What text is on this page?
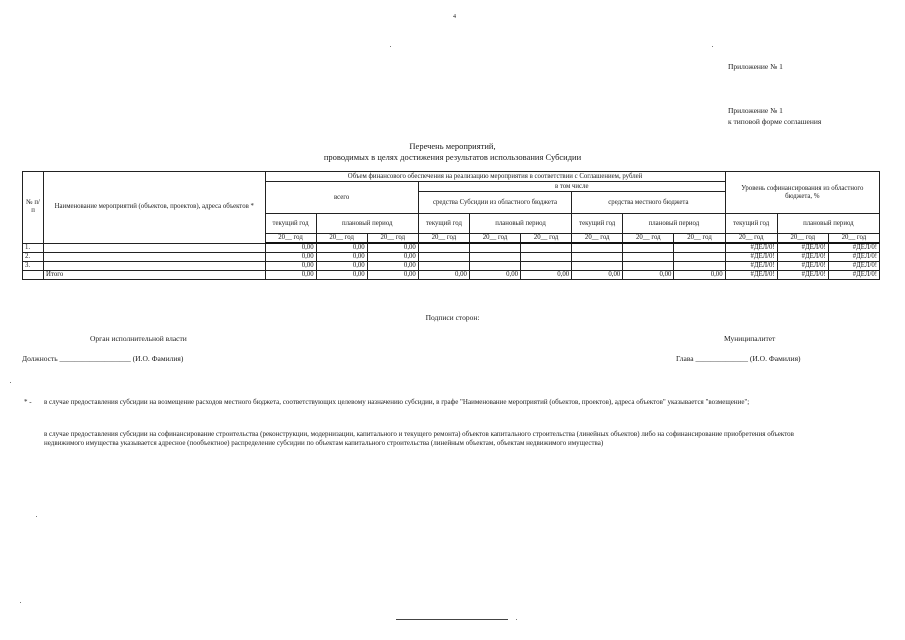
4
Приложение № 1
Приложение № 1
к типовой форме соглашения
Перечень мероприятий,
проводимых в целях достижения результатов использования Субсидии
№ п/п	Наименование мероприятий (объектов, проектов), адреса объектов *	Объем финансового обеспечения на реализацию мероприятия в соответствии с Соглашением, рублей									Уровень софинансирования из областного бюджета, %		
		всего			в том числе								
					средства Субсидии из областного бюджета			средства местного бюджета					
		текущий год	плановый период		текущий год	плановый период		текущий год	плановый период		текущий год	плановый период	
		20__ год	20__ год	20__ год	20__ год	20__ год	20__ год	20__ год	20__ год	20__ год	20__ год	20__ год	20__ год
1.		0,00	0,00	0,00							#ДЕЛ/0!	#ДЕЛ/0!	#ДЕЛ/0!
2.		0,00	0,00	0,00							#ДЕЛ/0!	#ДЕЛ/0!	#ДЕЛ/0!
3.		0,00	0,00	0,00							#ДЕЛ/0!	#ДЕЛ/0!	#ДЕЛ/0!
	Итого	0,00	0,00	0,00	0,00	0,00	0,00	0,00	0,00	0,00	#ДЕЛ/0!	#ДЕЛ/0!	#ДЕЛ/0!
Подписи сторон:
Орган исполнительной власти	Муниципалитет
Должность ___________________ (И.О. Фамилия)	Глава ______________ (И.О. Фамилия)
* - в случае предоставления субсидии на возмещение расходов местного бюджета, соответствующих целевому назначению субсидии, в графе "Наименование мероприятий (объектов, проектов), адреса объектов" указывается "возмещение";
в случае предоставления субсидии на софинансирование строительства (реконструкции, модернизации, капитального и текущего ремонта) объектов капитального строительства (линейных объектов) либо на софинансирование приобретения объектов недвижимого имущества указывается адресное (пообъектное) распределение субсидии по объектам капитального строительства (линейным объектам, объектам недвижимого имущества)
